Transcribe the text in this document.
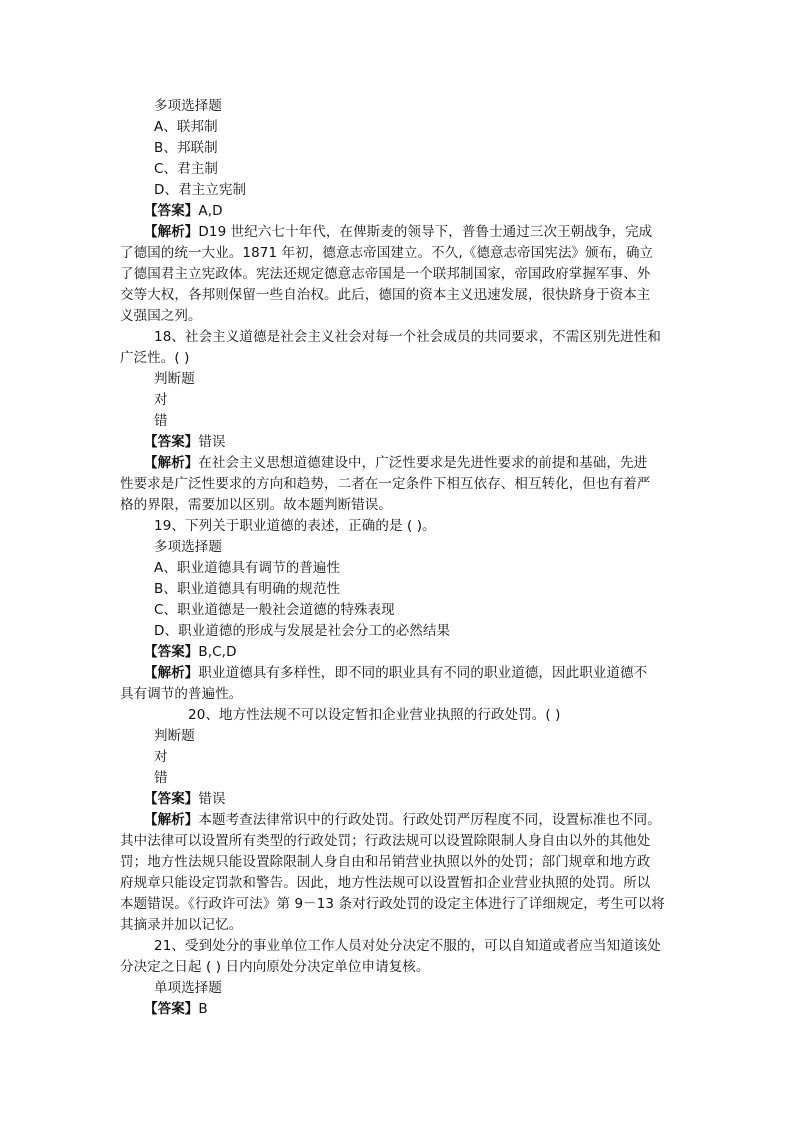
多项选择题
A、联邦制
B、邦联制
C、君主制
D、君主立宪制
【答案】A,D
【解析】D19 世纪六七十年代，在俾斯麦的领导下，普鲁士通过三次王朝战争，完成
了德国的统一大业。1871 年初，德意志帝国建立。不久,《德意志帝国宪法》颁布，确立
了德国君主立宪政体。宪法还规定德意志帝国是一个联邦制国家，帝国政府掌握军事、外
交等大权，各邦则保留一些自治权。此后，德国的资本主义迅速发展，很快跻身于资本主
义强国之列。
18、社会主义道德是社会主义社会对每一个社会成员的共同要求，不需区别先进性和
广泛性。( )
判断题
对
错
【答案】错误
【解析】在社会主义思想道德建设中，广泛性要求是先进性要求的前提和基础，先进
性要求是广泛性要求的方向和趋势，二者在一定条件下相互依存、相互转化，但也有着严
格的界限，需要加以区别。故本题判断错误。
19、下列关于职业道德的表述，正确的是 ( )。
多项选择题
A、职业道德具有调节的普遍性
B、职业道德具有明确的规范性
C、职业道德是一般社会道德的特殊表现
D、职业道德的形成与发展是社会分工的必然结果
【答案】B,C,D
【解析】职业道德具有多样性，即不同的职业具有不同的职业道德，因此职业道德不
具有调节的普遍性。
20、地方性法规不可以设定暂扣企业营业执照的行政处罚。( )
判断题
对
错
【答案】错误
【解析】本题考查法律常识中的行政处罚。行政处罚严厉程度不同，设置标准也不同。
其中法律可以设置所有类型的行政处罚；行政法规可以设置除限制人身自由以外的其他处
罚；地方性法规只能设置除限制人身自由和吊销营业执照以外的处罚；部门规章和地方政
府规章只能设定罚款和警告。因此，地方性法规可以设置暂扣企业营业执照的处罚。所以
本题错误。《行政许可法》第 9－13 条对行政处罚的设定主体进行了详细规定，考生可以将
其摘录并加以记忆。
21、受到处分的事业单位工作人员对处分决定不服的，可以自知道或者应当知道该处
分决定之日起 ( ) 日内向原处分决定单位申请复核。
单项选择题
【答案】B
